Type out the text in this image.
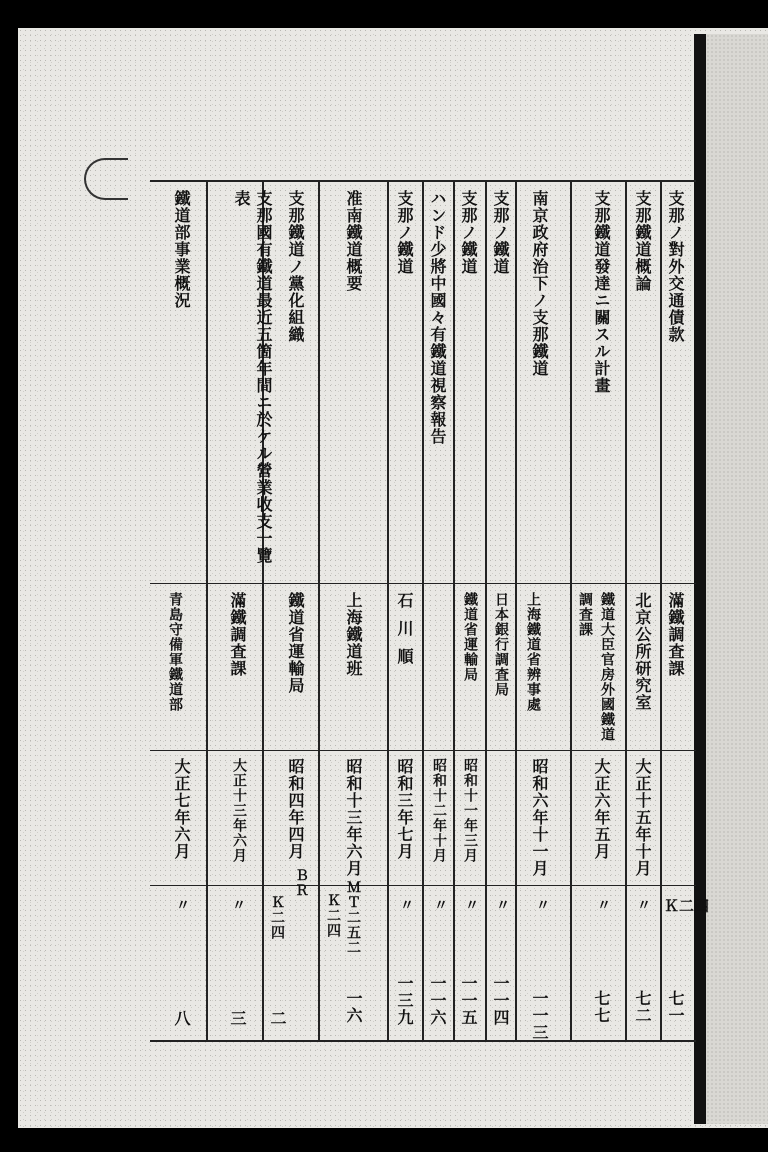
支那ノ對外交通債款
滿鐵調査課
Ｋ二四
七一
支那鐵道概論
北京公所研究室
大正十五年十月
〃
七二
支那鐵道發達ニ關スル計畫
鐵道大臣官房外國鐵道調査課
大正六年五月
〃
七七
南京政府治下ノ支那鐵道
上海鐵道省辨事處
昭和六年十一月
〃
一一三
支那ノ鐵道
日本銀行調査局
〃
一一四
支那ノ鐵道
鐵道省運輸局
昭和十一年三月
〃
一一五
ハンド少將中國々有鐵道視察報告
昭和十二年十月
〃
一一六
支那ノ鐵道
石川順
昭和三年七月
〃
一三九
准南鐵道概要
上海鐵道班
昭和十三年六月
Ｋ二四 ＭＴ二五二
一六
支那鐵道ノ黨化組織
鐵道省運輸局
昭和四年四月
Ｋ二四
ＢＲ
二
支那國有鐵道最近五箇年間ニ於ケル營業收支一覽表
滿鐵調査課
大正十三年六月
〃
三
鐵道部事業概況
青島守備軍鐵道部
大正七年六月
〃
八
